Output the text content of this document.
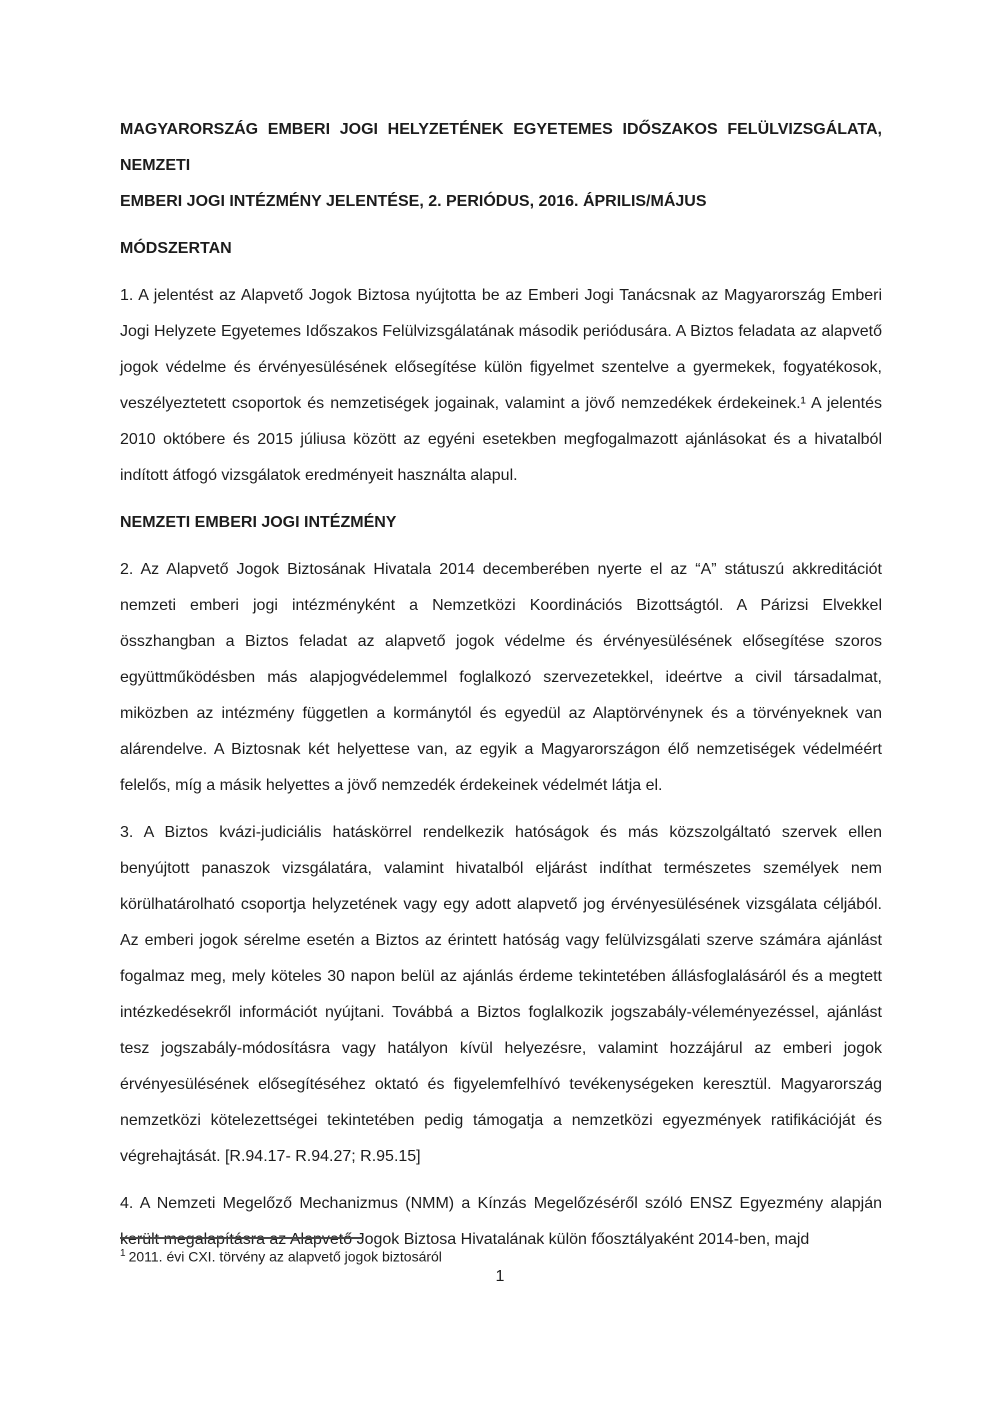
MAGYARORSZÁG EMBERI JOGI HELYZETÉNEK EGYETEMES IDŐSZAKOS FELÜLVIZSGÁLATA, NEMZETI
EMBERI JOGI INTÉZMÉNY JELENTÉSE, 2. PERIÓDUS, 2016. ÁPRILIS/MÁJUS
MÓDSZERTAN

1. A jelentést az Alapvető Jogok Biztosa nyújtotta be az Emberi Jogi Tanácsnak az Magyarország Emberi Jogi Helyzete Egyetemes Időszakos Felülvizsgálatának második periódusára. A Biztos feladata az alapvető jogok védelme és érvényesülésének elősegítése külön figyelmet szentelve a gyermekek, fogyatékosok, veszélyeztetett csoportok és nemzetiségek jogainak, valamint a jövő nemzedékek érdekeinek.¹ A jelentés 2010 októbere és 2015 júliusa között az egyéni esetekben megfogalmazott ajánlásokat és a hivatalból indított átfogó vizsgálatok eredményeit használta alapul.

NEMZETI EMBERI JOGI INTÉZMÉNY

2. Az Alapvető Jogok Biztosának Hivatala 2014 decemberében nyerte el az “A” státuszú akkreditációt nemzeti emberi jogi intézményként a Nemzetközi Koordinációs Bizottságtól. A Párizsi Elvekkel összhangban a Biztos feladat az alapvető jogok védelme és érvényesülésének elősegítése szoros együttműködésben más alapjogvédelemmel foglalkozó szervezetekkel, ideértve a civil társadalmat, miközben az intézmény független a kormánytól és egyedül az Alaptörvénynek és a törvényeknek van alárendelve. A Biztosnak két helyettese van, az egyik a Magyarországon élő nemzetiségek védelméért felelős, míg a másik helyettes a jövő nemzedék érdekeinek védelmét látja el.

3. A Biztos kvázi-judiciális hatáskörrel rendelkezik hatóságok és más közszolgáltató szervek ellen benyújtott panaszok vizsgálatára, valamint hivatalból eljárást indíthat természetes személyek nem körülhatárolható csoportja helyzetének vagy egy adott alapvető jog érvényesülésének vizsgálata céljából. Az emberi jogok sérelme esetén a Biztos az érintett hatóság vagy felülvizsgálati szerve számára ajánlást fogalmaz meg, mely köteles 30 napon belül az ajánlás érdeme tekintetében állásfoglalásáról és a megtett intézkedésekről információt nyújtani. Továbbá a Biztos foglalkozik jogszabály-véleményezéssel, ajánlást tesz jogszabály-módosításra vagy hatályon kívül helyezésre, valamint hozzájárul az emberi jogok érvényesülésének elősegítéséhez oktató és figyelemfelhívó tevékenységeken keresztül. Magyarország nemzetközi kötelezettségei tekintetében pedig támogatja a nemzetközi egyezmények ratifikációját és végrehajtását. [R.94.17- R.94.27; R.95.15]

4. A Nemzeti Megelőző Mechanizmus (NMM) a Kínzás Megelőzéséről szóló ENSZ Egyezmény alapján került megalapításra az Alapvető Jogok Biztosa Hivatalának külön főosztályaként 2014-ben, majd

$^1$ 2011. évi CXI. törvény az alapvető jogok biztosáról
1
